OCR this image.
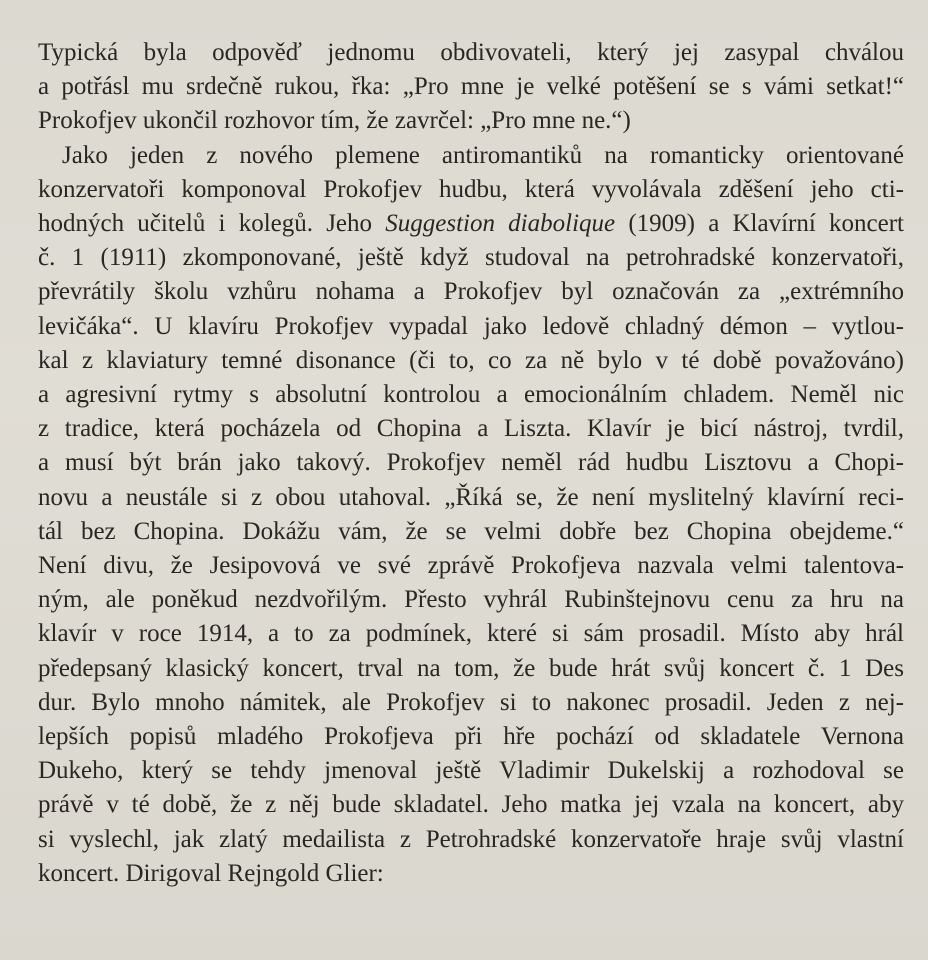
Typická byla odpověď jednomu obdivovateli, který jej zasypal chválou
a potřásl mu srdečně rukou, řka: „Pro mne je velké potěšení se s vámi setkat!“
Prokofjev ukončil rozhovor tím, že zavrčel: „Pro mne ne.“)
Jako jeden z nového plemene antiromantiků na romanticky orientované
konzervatoři komponoval Prokofjev hudbu, která vyvolávala zděšení jeho cti-
hodných učitelů i kolegů. Jeho Suggestion diabolique (1909) a Klavírní koncert
č. 1 (1911) zkomponované, ještě když studoval na petrohradské konzervatoři,
převrátily školu vzhůru nohama a Prokofjev byl označován za „extrémního
levičáka“. U klavíru Prokofjev vypadal jako ledově chladný démon – vytlou-
kal z klaviatury temné disonance (či to, co za ně bylo v té době považováno)
a agresivní rytmy s absolutní kontrolou a emocionálním chladem. Neměl nic
z tradice, která pocházela od Chopina a Liszta. Klavír je bicí nástroj, tvrdil,
a musí být brán jako takový. Prokofjev neměl rád hudbu Lisztovu a Chopi-
novu a neustále si z obou utahoval. „Říká se, že není myslitelný klavírní reci-
tál bez Chopina. Dokážu vám, že se velmi dobře bez Chopina obejdeme.“
Není divu, že Jesipovová ve své zprávě Prokofjeva nazvala velmi talentova-
ným, ale poněkud nezdvořilým. Přesto vyhrál Rubinštejnovu cenu za hru na
klavír v roce 1914, a to za podmínek, které si sám prosadil. Místo aby hrál
předepsaný klasický koncert, trval na tom, že bude hrát svůj koncert č. 1 Des
dur. Bylo mnoho námitek, ale Prokofjev si to nakonec prosadil. Jeden z nej-
lepších popisů mladého Prokofjeva při hře pochází od skladatele Vernona
Dukeho, který se tehdy jmenoval ještě Vladimir Dukelskij a rozhodoval se
právě v té době, že z něj bude skladatel. Jeho matka jej vzala na koncert, aby
si vyslechl, jak zlatý medailista z Petrohradské konzervatoře hraje svůj vlastní
koncert. Dirigoval Rejngold Glier:
